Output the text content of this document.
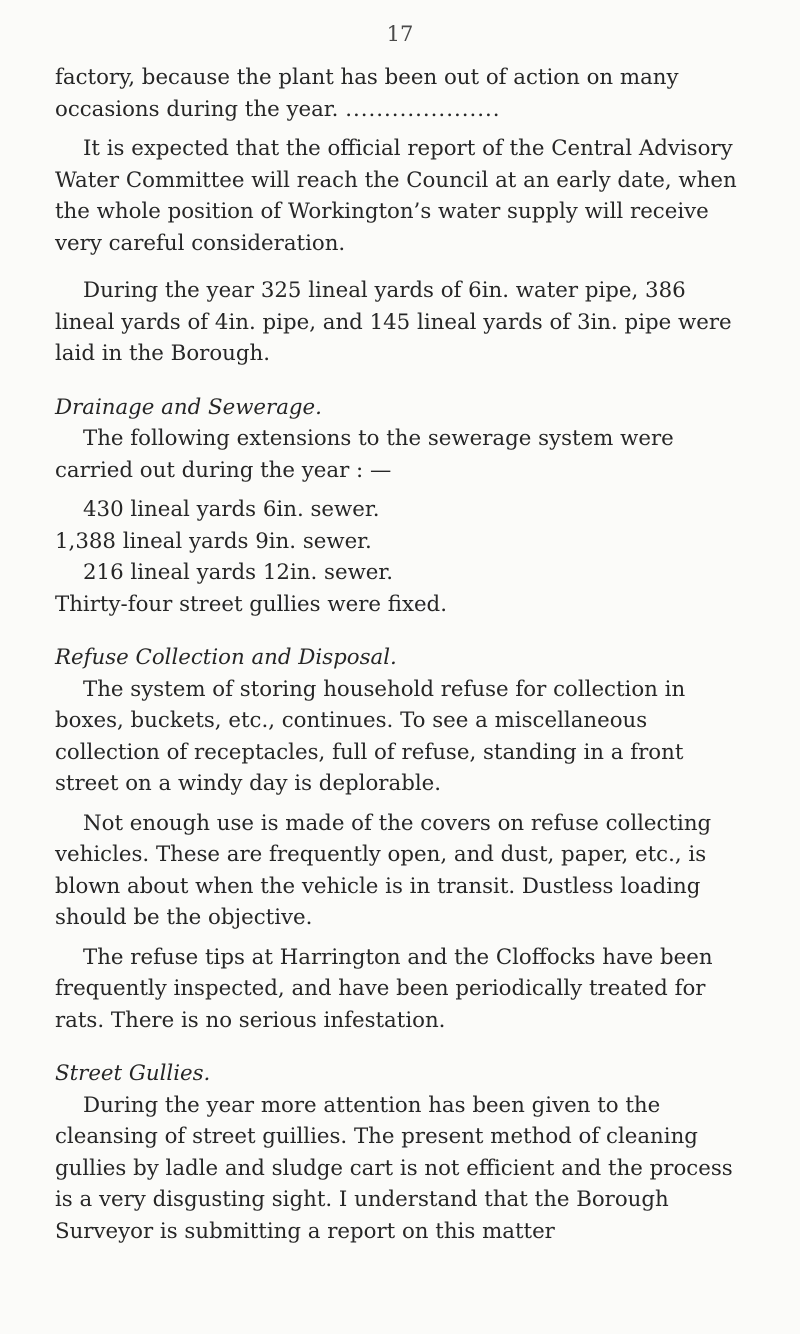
17

factory, because the plant has been out of action on many occasions during the year. ....................

It is expected that the official report of the Central Advisory Water Committee will reach the Council at an early date, when the whole position of Workington’s water supply will receive very careful consideration.

During the year 325 lineal yards of 6in. water pipe, 386 lineal yards of 4in. pipe, and 145 lineal yards of 3in. pipe were laid in the Borough.

Drainage and Sewerage.

The following extensions to the sewerage system were carried out during the year : —

430 lineal yards 6in. sewer.
1,388 lineal yards 9in. sewer.
216 lineal yards 12in. sewer.

Thirty-four street gullies were fixed.

Refuse Collection and Disposal.

The system of storing household refuse for collection in boxes, buckets, etc., continues. To see a miscellaneous collection of receptacles, full of refuse, standing in a front street on a windy day is deplorable.

Not enough use is made of the covers on refuse collecting vehicles. These are frequently open, and dust, paper, etc., is blown about when the vehicle is in transit. Dustless loading should be the objective.

The refuse tips at Harrington and the Cloffocks have been frequently inspected, and have been periodically treated for rats. There is no serious infestation.

Street Gullies.

During the year more attention has been given to the cleansing of street guillies. The present method of cleaning gullies by ladle and sludge cart is not efficient and the process is a very disgusting sight. I understand that the Borough Surveyor is submitting a report on this matter
